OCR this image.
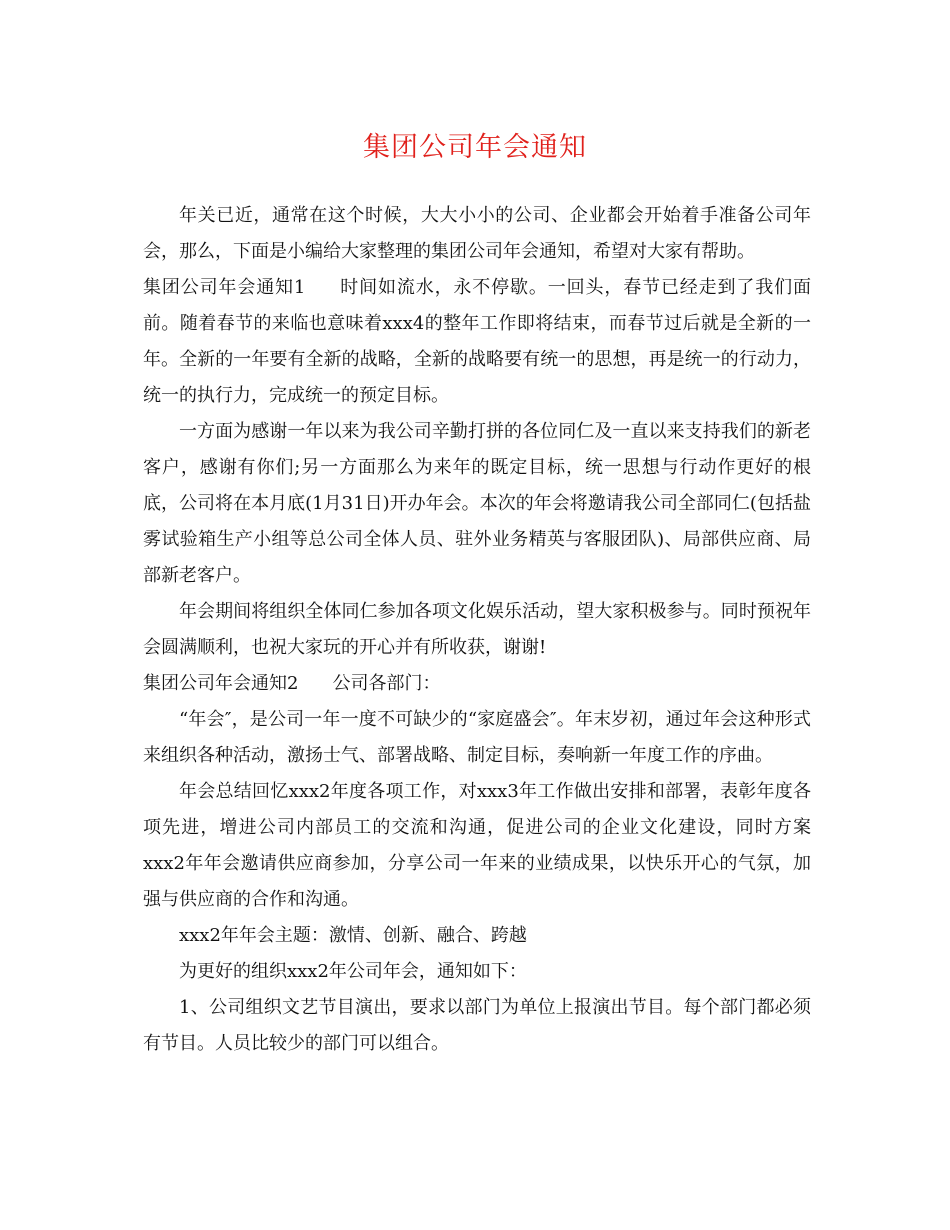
集团公司年会通知

年关已近，通常在这个时候，大大小小的公司、企业都会开始着手准备公司年会，那么，下面是小编给大家整理的集团公司年会通知，希望对大家有帮助。

集团公司年会通知1 时间如流水，永不停歇。一回头，春节已经走到了我们面前。随着春节的来临也意味着xxx4的整年工作即将结束，而春节过后就是全新的一年。全新的一年要有全新的战略，全新的战略要有统一的思想，再是统一的行动力，统一的执行力，完成统一的预定目标。

一方面为感谢一年以来为我公司辛勤打拼的各位同仁及一直以来支持我们的新老客户，感谢有你们;另一方面那么为来年的既定目标，统一思想与行动作更好的根底，公司将在本月底(1月31日)开办年会。本次的年会将邀请我公司全部同仁(包括盐雾试验箱生产小组等总公司全体人员、驻外业务精英与客服团队)、局部供应商、局部新老客户。

年会期间将组织全体同仁参加各项文化娱乐活动，望大家积极参与。同时预祝年会圆满顺利，也祝大家玩的开心并有所收获，谢谢!

集团公司年会通知2 公司各部门：

“年会″，是公司一年一度不可缺少的“家庭盛会″。年末岁初，通过年会这种形式来组织各种活动，激扬士气、部署战略、制定目标，奏响新一年度工作的序曲。

年会总结回忆xxx2年度各项工作，对xxx3年工作做出安排和部署，表彰年度各项先进，增进公司内部员工的交流和沟通，促进公司的企业文化建设，同时方案xxx2年年会邀请供应商参加，分享公司一年来的业绩成果，以快乐开心的气氛，加强与供应商的合作和沟通。

xxx2年年会主题：激情、创新、融合、跨越

为更好的组织xxx2年公司年会，通知如下：

1、公司组织文艺节目演出，要求以部门为单位上报演出节目。每个部门都必须有节目。人员比较少的部门可以组合。
